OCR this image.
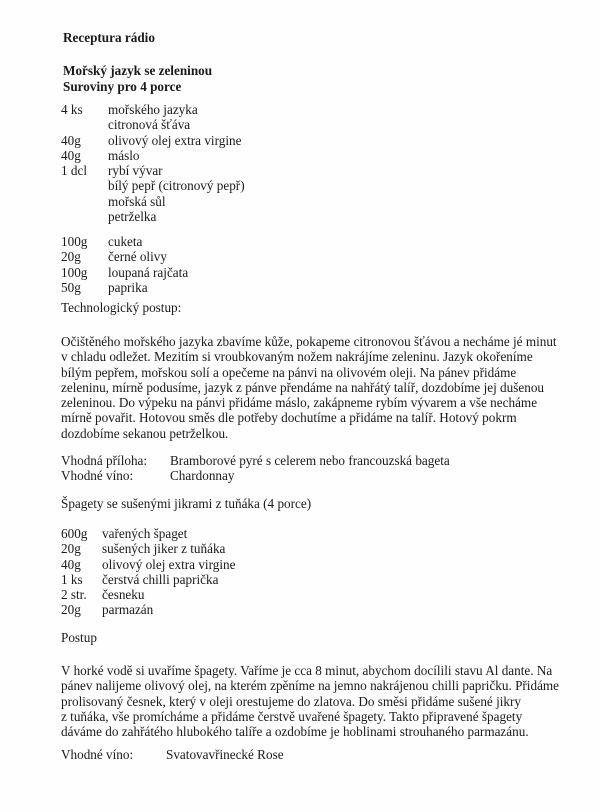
Receptura rádio
Mořský jazyk se zeleninou
Suroviny pro 4 porce
4 ks mořského jazyka
citronová šťáva
40g olivový olej extra virgine
40g máslo
1 dcl rybí vývar
bílý pepř (citronový pepř)
mořská sůl
petrželka
100g cuketa
20g černé olivy
100g loupaná rajčata
50g paprika
Technologický postup:
Očištěného mořského jazyka zbavíme kůže, pokapeme citronovou šťávou a necháme jé minut
v chladu odležet. Mezitím si vroubkovaným nožem nakrájíme zeleninu. Jazyk okořeníme
bílým pepřem, mořskou solí a opečeme na pánvi na olivovém oleji. Na pánev přidáme
zeleninu, mírně podusíme, jazyk z pánve přendáme na nahřátý talíř, dozdobíme jej dušenou
zeleninou. Do výpeku na pánvi přidáme máslo, zakápneme rybím vývarem a vše necháme
mírně povařit. Hotovou směs dle potřeby dochutíme a přidáme na talíř. Hotový pokrm
dozdobíme sekanou petrželkou.
Vhodná příloha: Bramborové pyré s celerem nebo francouzská bageta
Vhodné víno:	Chardonnay
Špagety se sušenými jikrami z tuňáka (4 porce)
600g vařených špaget
20g sušených jiker z tuňáka
40g olivový olej extra virgine
1 ks čerstvá chilli paprička
2 str. česneku
20g parmazán
Postup
V horké vodě si uvaříme špagety. Vaříme je cca 8 minut, abychom docílili stavu Al dante. Na
pánev nalijeme olivový olej, na kterém zpěníme na jemno nakrájenou chilli papričku. Přidáme
prolisovaný česnek, který v oleji orestujeme do zlatova. Do směsi přidáme sušené jikry
z tuňáka, vše promícháme a přidáme čerstvě uvařené špagety. Takto připravené špagety
dáváme do zahřátého hlubokého talíře a ozdobíme je hoblinami strouhaného parmazánu.
Vhodné víno: Svatovavřinecké Rose
